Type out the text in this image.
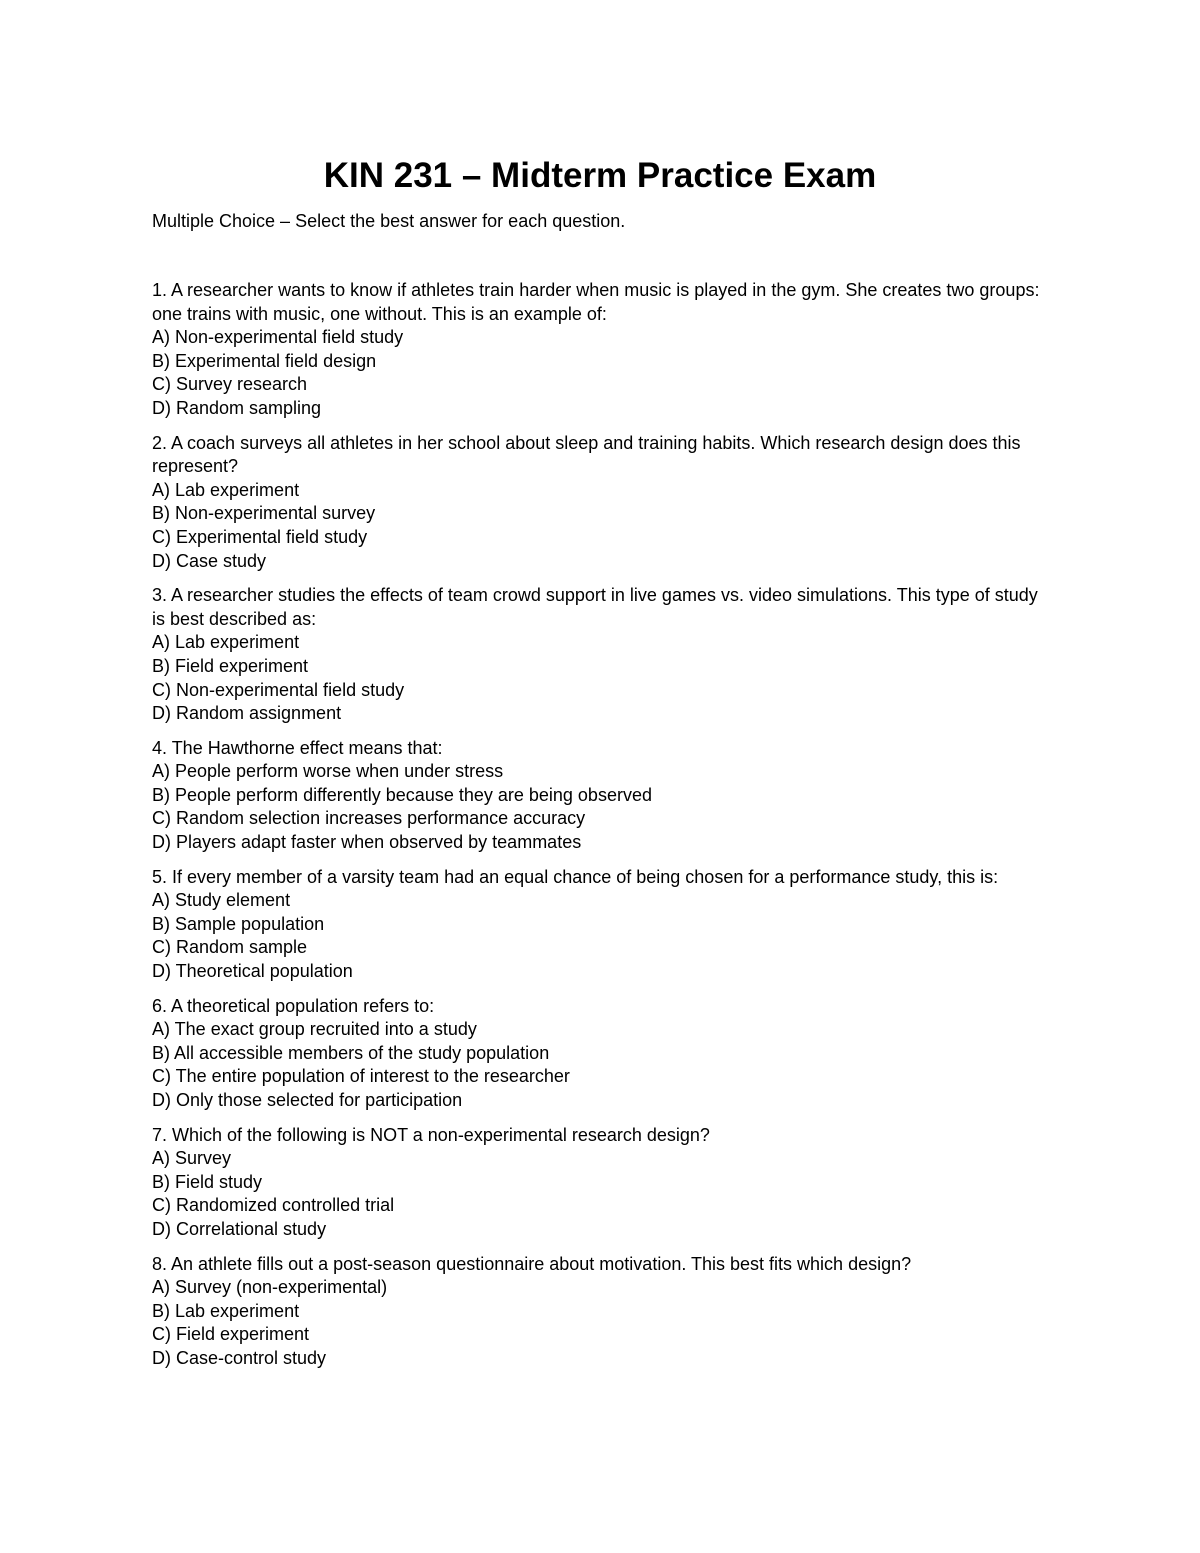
KIN 231 – Midterm Practice Exam

Multiple Choice – Select the best answer for each question.

1. A researcher wants to know if athletes train harder when music is played in the gym. She creates two groups: one trains with music, one without. This is an example of:

A) Non-experimental field study
B) Experimental field design
C) Survey research
D) Random sampling

2. A coach surveys all athletes in her school about sleep and training habits. Which research design does this represent?

A) Lab experiment
B) Non-experimental survey
C) Experimental field study
D) Case study

3. A researcher studies the effects of team crowd support in live games vs. video simulations. This type of study is best described as:

A) Lab experiment
B) Field experiment
C) Non-experimental field study
D) Random assignment

4. The Hawthorne effect means that:

A) People perform worse when under stress
B) People perform differently because they are being observed
C) Random selection increases performance accuracy
D) Players adapt faster when observed by teammates

5. If every member of a varsity team had an equal chance of being chosen for a performance study, this is:

A) Study element
B) Sample population
C) Random sample
D) Theoretical population

6. A theoretical population refers to:

A) The exact group recruited into a study
B) All accessible members of the study population
C) The entire population of interest to the researcher
D) Only those selected for participation

7. Which of the following is NOT a non-experimental research design?

A) Survey
B) Field study
C) Randomized controlled trial
D) Correlational study

8. An athlete fills out a post-season questionnaire about motivation. This best fits which design?

A) Survey (non-experimental)
B) Lab experiment
C) Field experiment
D) Case-control study
